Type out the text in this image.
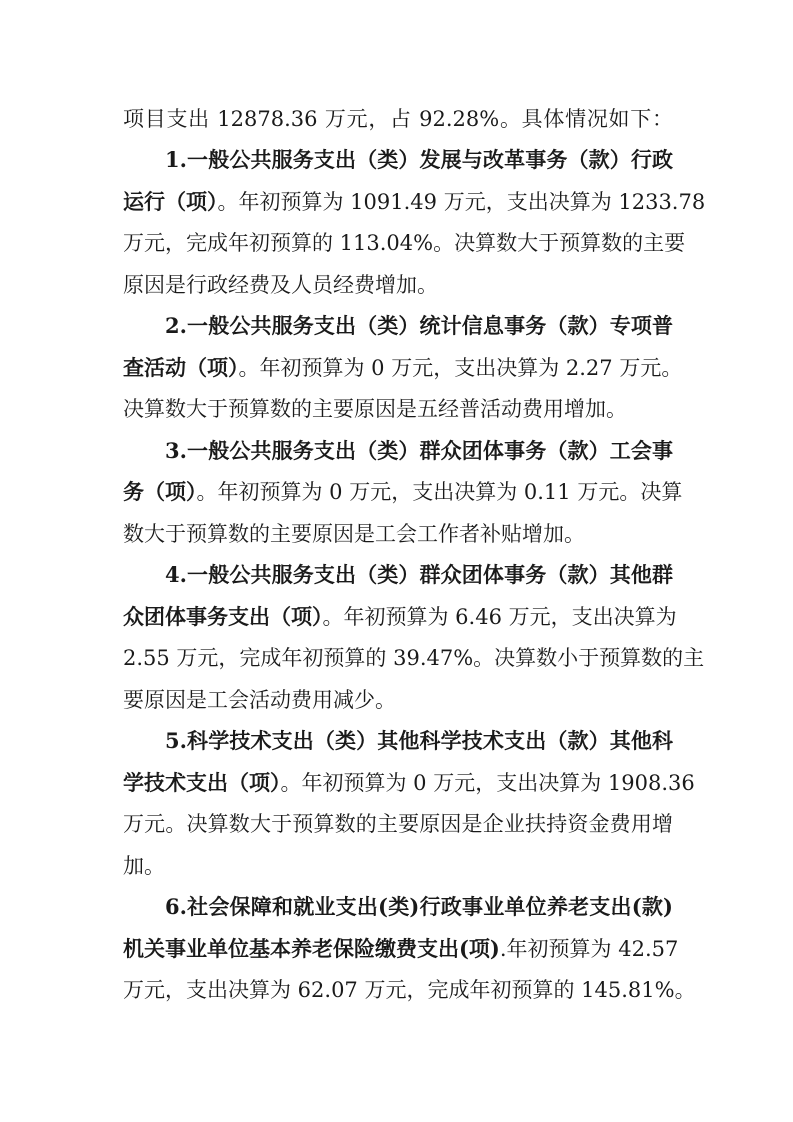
项目支出 12878.36 万元，占 92.28%。具体情况如下：
1.一般公共服务支出（类）发展与改革事务（款）行政
运行（项）。年初预算为 1091.49 万元，支出决算为 1233.78
万元，完成年初预算的 113.04%。决算数大于预算数的主要
原因是行政经费及人员经费增加。
2.一般公共服务支出（类）统计信息事务（款）专项普
查活动（项）。年初预算为 0 万元，支出决算为 2.27 万元。
决算数大于预算数的主要原因是五经普活动费用增加。
3.一般公共服务支出（类）群众团体事务（款）工会事
务（项）。年初预算为 0 万元，支出决算为 0.11 万元。决算
数大于预算数的主要原因是工会工作者补贴增加。
4.一般公共服务支出（类）群众团体事务（款）其他群
众团体事务支出（项）。年初预算为 6.46 万元，支出决算为
2.55 万元，完成年初预算的 39.47%。决算数小于预算数的主
要原因是工会活动费用减少。
5.科学技术支出（类）其他科学技术支出（款）其他科
学技术支出（项）。年初预算为 0 万元，支出决算为 1908.36
万元。决算数大于预算数的主要原因是企业扶持资金费用增
加。
6.社会保障和就业支出(类)行政事业单位养老支出(款)
机关事业单位基本养老保险缴费支出(项).年初预算为 42.57
万元，支出决算为 62.07 万元，完成年初预算的 145.81%。
